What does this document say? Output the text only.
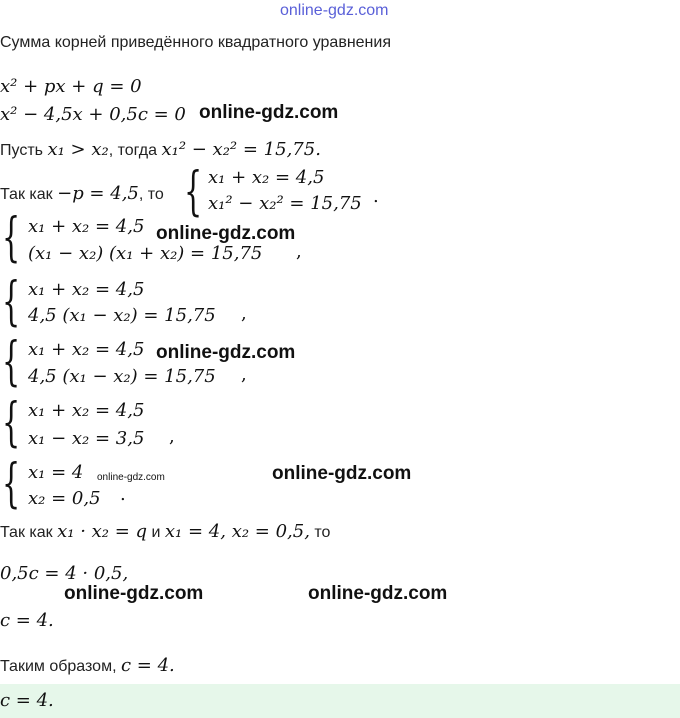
online-gdz.com
Сумма корней приведённого квадратного уравнения
x² + px + q = 0
x² − 4,5x + 0,5c = 0 online-gdz.com
Пусть x₁ > x₂, тогда x₁² − x₂² = 15,75.
Так как −p = 4,5, то { x₁ + x₂ = 4,5
x₁² − x₂² = 15,75 .
{ x₁ + x₂ = 4,5
(x₁ − x₂) (x₁ + x₂) = 15,75 ,
online-gdz.com
{ x₁ + x₂ = 4,5
4,5 (x₁ − x₂) = 15,75 ,
{ x₁ + x₂ = 4,5
4,5 (x₁ − x₂) = 15,75 ,
online-gdz.com
{ x₁ + x₂ = 4,5
x₁ − x₂ = 3,5 ,
{ x₁ = 4
x₂ = 0,5 .
online-gdz.com	online-gdz.com
Так как x₁ · x₂ = q и x₁ = 4, x₂ = 0,5, то
0,5c = 4 · 0,5,
online-gdz.com	online-gdz.com
c = 4.
Таким образом, c = 4.
c = 4.
